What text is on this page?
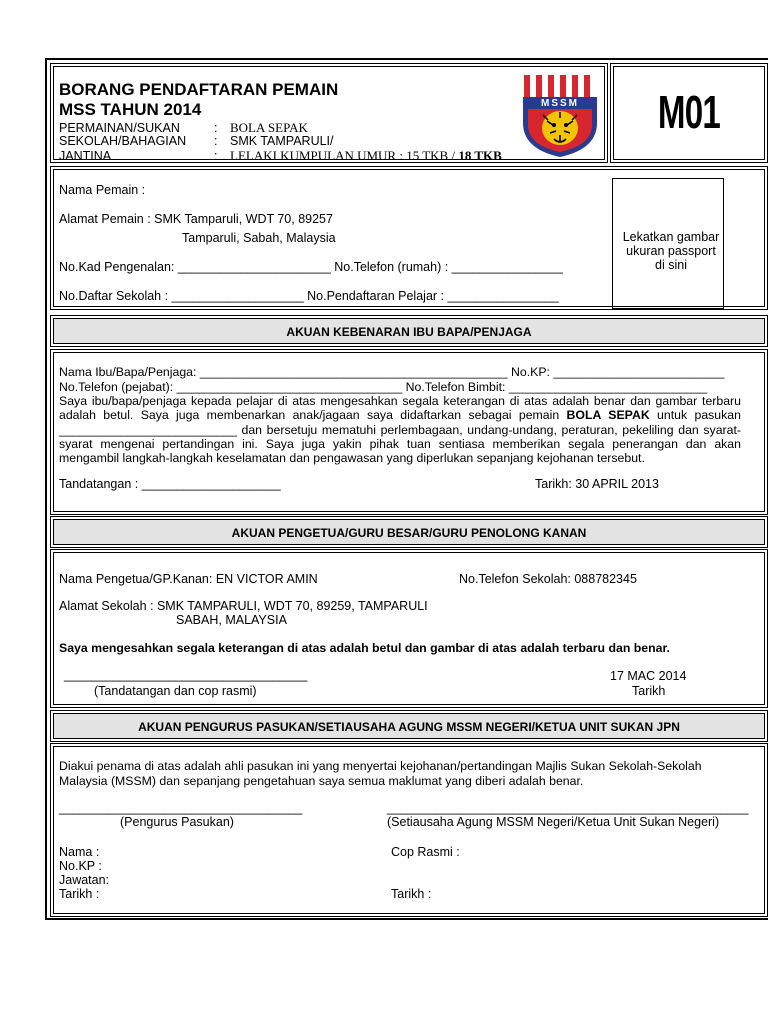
BORANG PENDAFTARAN PEMAIN
MSS TAHUN 2014
PERMAINAN/SUKAN	: BOLA SEPAK
SEKOLAH/BAHAGIAN : SMK TAMPARULI/
JANTINA	: LELAKI KUMPULAN UMUR : 15 TKB / 18 TKB
MSSM	M01
Nama Pemain :
Alamat Pemain : SMK Tamparuli, WDT 70, 89257
Tamparuli, Sabah, Malaysia
No.Kad Pengenalan: ______________________ No.Telefon (rumah) : ________________
No.Daftar Sekolah : ___________________ No.Pendaftaran Pelajar : ________________
Lekatkan gambar
ukuran passport
di sini
AKUAN KEBENARAN IBU BAPA/PENJAGA
Nama Ibu/Bapa/Penjaga: _____________________________________________ No.KP: _________________________
No.Telefon (pejabat): _________________________________ No.Telefon Bimbit: _____________________________
Saya ibu/bapa/penjaga kepada pelajar di atas mengesahkan segala keterangan di atas adalah benar dan gambar terbaru adalah betul. Saya juga membenarkan anak/jagaan saya didaftarkan sebagai pemain BOLA SEPAK untuk pasukan __________________________ dan bersetuju mematuhi perlembagaan, undang-undang, peraturan, pekeliling dan syarat-syarat mengenai pertandingan ini. Saya juga yakin pihak tuan sentiasa memberikan segala penerangan dan akan mengambil langkah-langkah keselamatan dan pengawasan yang diperlukan sepanjang kejohanan tersebut.
Tandatangan : ____________________	Tarikh: 30 APRIL 2013
AKUAN PENGETUA/GURU BESAR/GURU PENOLONG KANAN
Nama Pengetua/GP.Kanan: EN VICTOR AMIN	No.Telefon Sekolah: 088782345
Alamat Sekolah : SMK TAMPARULI, WDT 70, 89259, TAMPARULI
SABAH, MALAYSIA
Saya mengesahkan segala keterangan di atas adalah betul dan gambar di atas adalah terbaru dan benar.
___________________________________
(Tandatangan dan cop rasmi)
17 MAC 2014
Tarikh
AKUAN PENGURUS PASUKAN/SETIAUSAHA AGUNG MSSM NEGERI/KETUA UNIT SUKAN JPN
Diakui penama di atas adalah ahli pasukan ini yang menyertai kejohanan/pertandingan Majlis Sukan Sekolah-Sekolah Malaysia (MSSM) dan sepanjang pengetahuan saya semua maklumat yang diberi adalah benar.
___________________________________
(Pengurus Pasukan)
____________________________________________________
(Setiausaha Agung MSSM Negeri/Ketua Unit Sukan Negeri)
Nama :
No.KP :
Jawatan:
Tarikh :
Cop Rasmi :
Tarikh :
